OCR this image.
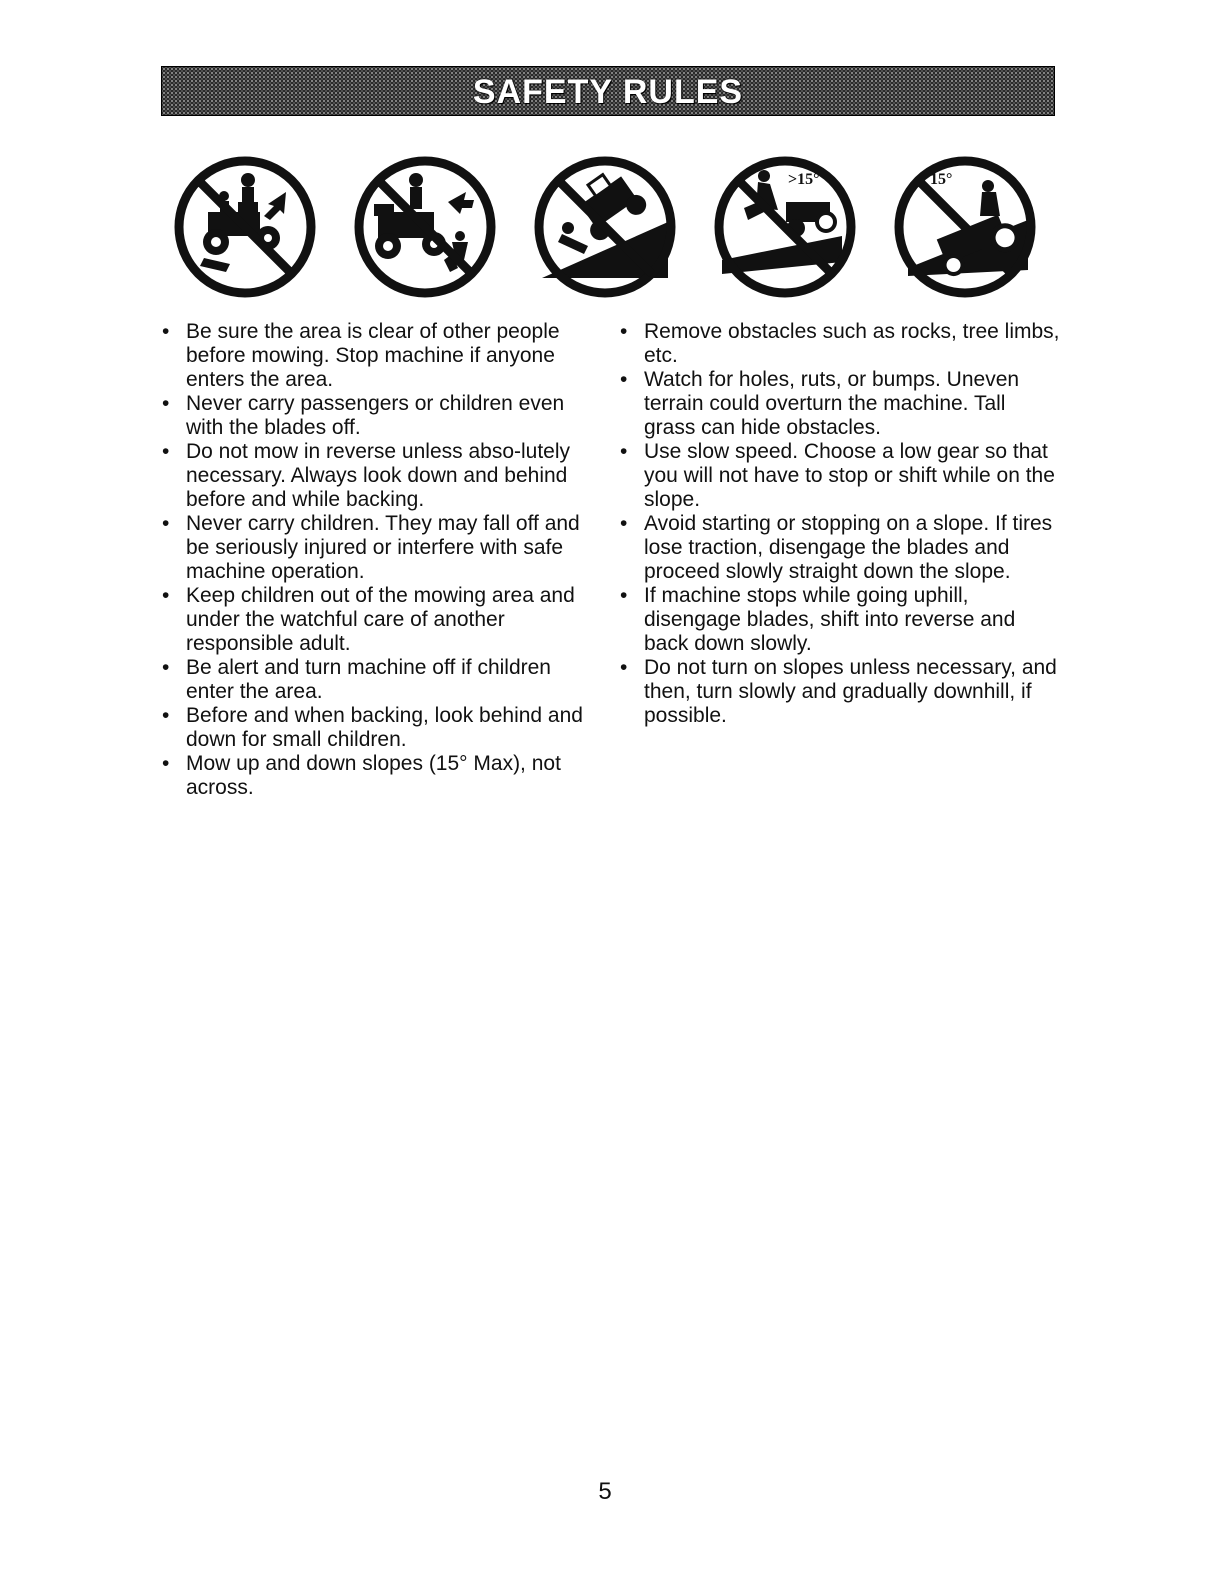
SAFETY RULES
>15°	15°
• Be sure the area is clear of other people before mowing. Stop machine if anyone enters the area.
• Never carry passengers or children even with the blades off.
• Do not mow in reverse unless abso-lutely necessary. Always look down and behind before and while backing.
• Never carry children. They may fall off and be seriously injured or interfere with safe machine operation.
• Keep children out of the mowing area and under the watchful care of another responsible adult.
• Be alert and turn machine off if children enter the area.
• Before and when backing, look behind and down for small children.
• Mow up and down slopes (15° Max), not across.
• Remove obstacles such as rocks, tree limbs, etc.
• Watch for holes, ruts, or bumps. Uneven terrain could overturn the machine. Tall grass can hide obstacles.
• Use slow speed. Choose a low gear so that you will not have to stop or shift while on the slope.
• Avoid starting or stopping on a slope. If tires lose traction, disengage the blades and proceed slowly straight down the slope.
• If machine stops while going uphill, disengage blades, shift into reverse and back down slowly.
• Do not turn on slopes unless necessary, and then, turn slowly and gradually downhill, if possible.
5
